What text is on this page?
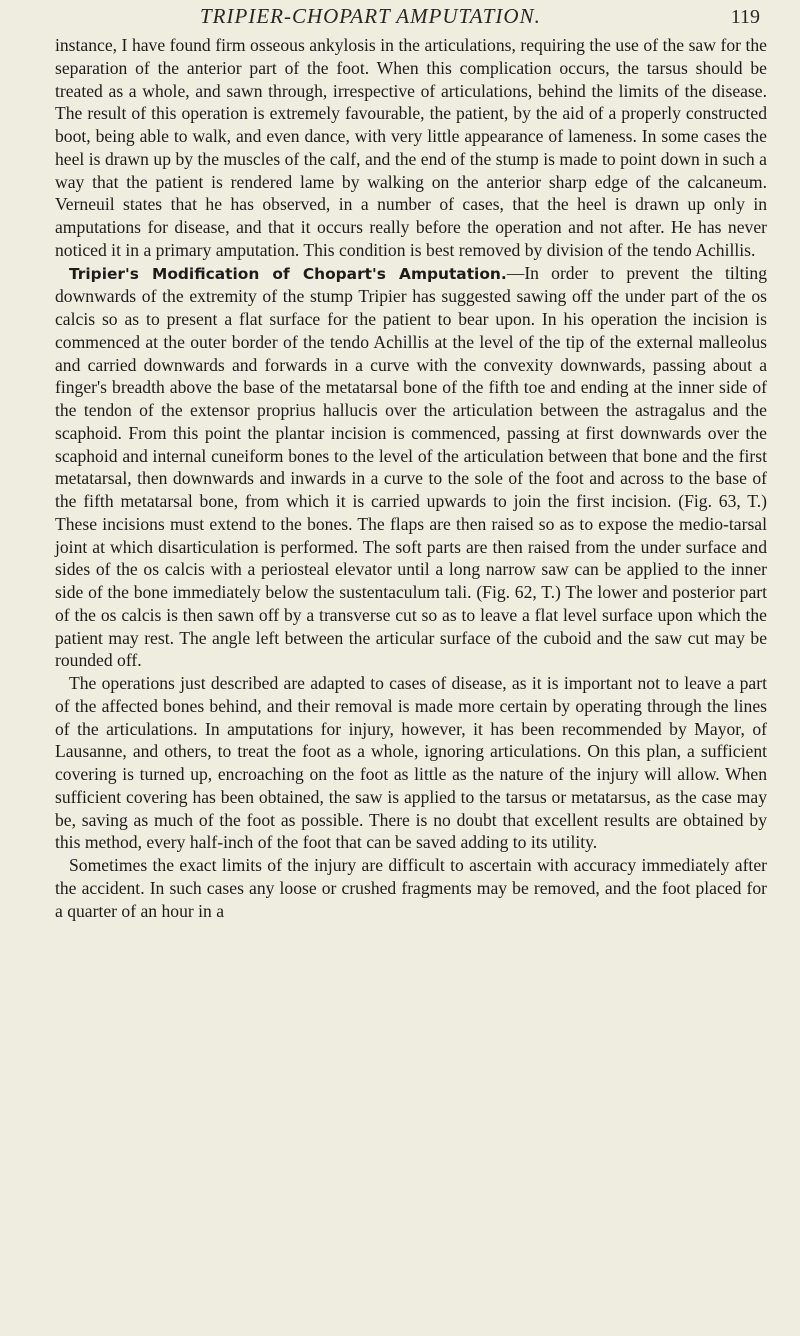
TRIPIER-CHOPART AMPUTATION.	119

instance, I have found firm osseous ankylosis in the articulations, requiring the use of the saw for the separation of the anterior part of the foot. When this complication occurs, the tarsus should be treated as a whole, and sawn through, irrespective of articulations, behind the limits of the disease. The result of this operation is extremely favourable, the patient, by the aid of a properly constructed boot, being able to walk, and even dance, with very little appearance of lameness. In some cases the heel is drawn up by the muscles of the calf, and the end of the stump is made to point down in such a way that the patient is rendered lame by walking on the anterior sharp edge of the calcaneum. Verneuil states that he has observed, in a number of cases, that the heel is drawn up only in amputations for disease, and that it occurs really before the operation and not after. He has never noticed it in a primary amputation. This condition is best removed by division of the tendo Achillis.

Tripier's Modification of Chopart's Amputation.—In order to prevent the tilting downwards of the extremity of the stump Tripier has suggested sawing off the under part of the os calcis so as to present a flat surface for the patient to bear upon. In his operation the incision is commenced at the outer border of the tendo Achillis at the level of the tip of the external malleolus and carried downwards and forwards in a curve with the convexity downwards, passing about a finger's breadth above the base of the metatarsal bone of the fifth toe and ending at the inner side of the tendon of the extensor proprius hallucis over the articulation between the astragalus and the scaphoid. From this point the plantar incision is commenced, passing at first downwards over the scaphoid and internal cuneiform bones to the level of the articulation between that bone and the first metatarsal, then downwards and inwards in a curve to the sole of the foot and across to the base of the fifth metatarsal bone, from which it is carried upwards to join the first incision. (Fig. 63, T.) These incisions must extend to the bones. The flaps are then raised so as to expose the medio-tarsal joint at which disarticulation is performed. The soft parts are then raised from the under surface and sides of the os calcis with a periosteal elevator until a long narrow saw can be applied to the inner side of the bone immediately below the sustentaculum tali. (Fig. 62, T.) The lower and posterior part of the os calcis is then sawn off by a transverse cut so as to leave a flat level surface upon which the patient may rest. The angle left between the articular surface of the cuboid and the saw cut may be rounded off.

The operations just described are adapted to cases of disease, as it is important not to leave a part of the affected bones behind, and their removal is made more certain by operating through the lines of the articulations. In amputations for injury, however, it has been recommended by Mayor, of Lausanne, and others, to treat the foot as a whole, ignoring articulations. On this plan, a sufficient covering is turned up, encroaching on the foot as little as the nature of the injury will allow. When sufficient covering has been obtained, the saw is applied to the tarsus or metatarsus, as the case may be, saving as much of the foot as possible. There is no doubt that excellent results are obtained by this method, every half-inch of the foot that can be saved adding to its utility.

Sometimes the exact limits of the injury are difficult to ascertain with accuracy immediately after the accident. In such cases any loose or crushed fragments may be removed, and the foot placed for a quarter of an hour in a
